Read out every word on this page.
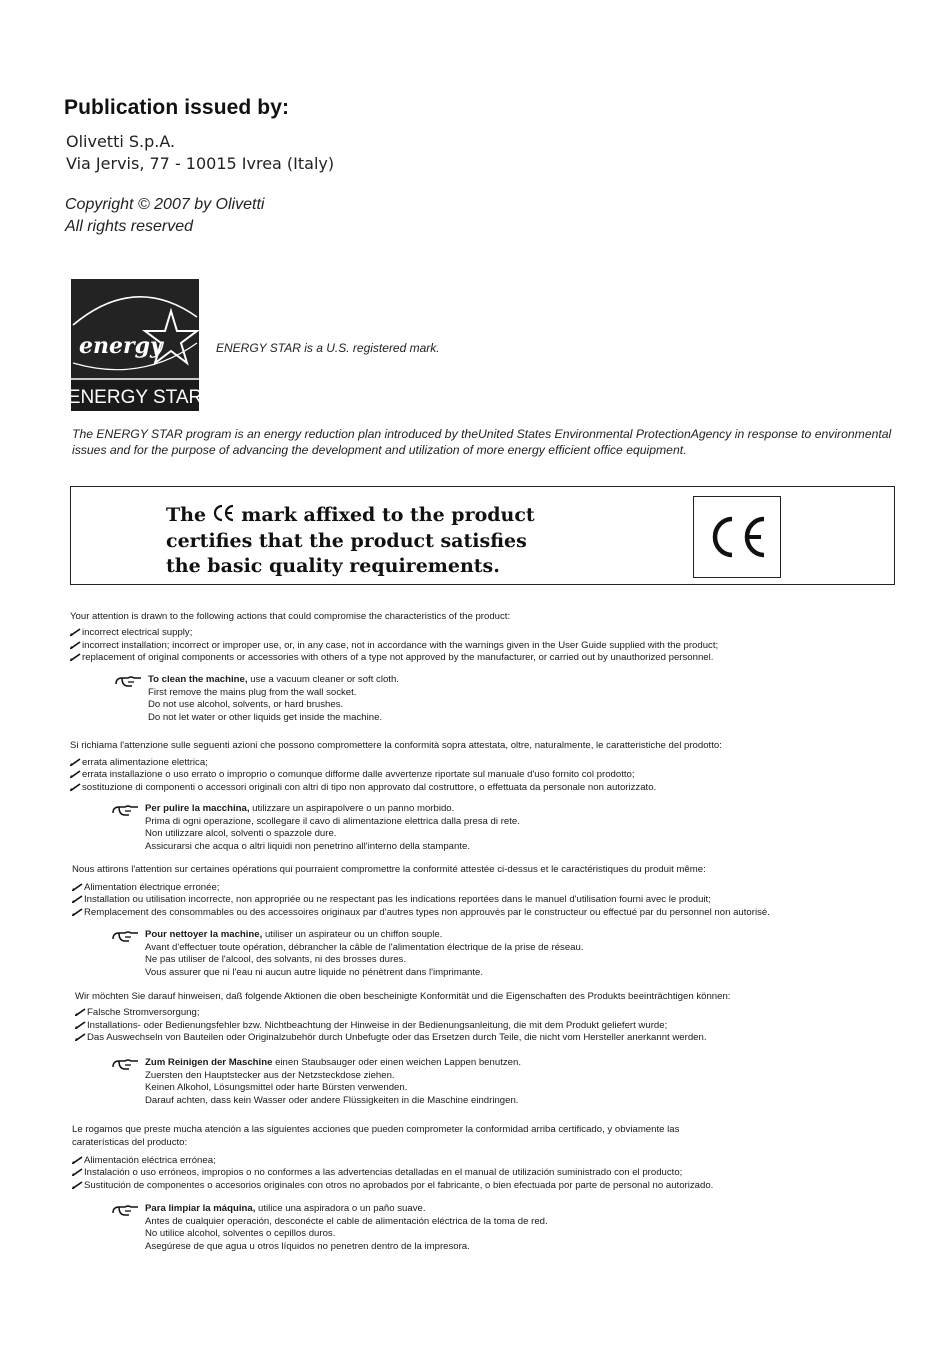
Publication issued by:
Olivetti S.p.A.
Via Jervis, 77 - 10015 Ivrea (Italy)
Copyright © 2007 by Olivetti
All rights reserved
energy
ENERGY STAR
ENERGY STAR is a U.S. registered mark.
The ENERGY STAR program is an energy reduction plan introduced by theUnited States Environmental ProtectionAgency in response to environmental issues and for the purpose of advancing the development and utilization of more energy efficient office equipment.
The mark affixed to the product
certifies that the product satisfies
the basic quality requirements.
Your attention is drawn to the following actions that could compromise the characteristics of the product:
incorrect electrical supply;
incorrect installation; incorrect or improper use, or, in any case, not in accordance with the warnings given in the User Guide supplied with the product;
replacement of original components or accessories with others of a type not approved by the manufacturer, or carried out by unauthorized personnel.
To clean the machine, use a vacuum cleaner or soft cloth.
First remove the mains plug from the wall socket.
Do not use alcohol, solvents, or hard brushes.
Do not let water or other liquids get inside the machine.
Si richiama l'attenzione sulle seguenti azioni che possono compromettere la conformità sopra attestata, oltre, naturalmente, le caratteristiche del prodotto:
errata alimentazione elettrica;
errata installazione o uso errato o improprio o comunque difforme dalle avvertenze riportate sul manuale d'uso fornito col prodotto;
sostituzione di componenti o accessori originali con altri di tipo non approvato dal costruttore, o effettuata da personale non autorizzato.
Per pulire la macchina, utilizzare un aspirapolvere o un panno morbido.
Prima di ogni operazione, scollegare il cavo di alimentazione elettrica dalla presa di rete.
Non utilizzare alcol, solventi o spazzole dure.
Assicurarsi che acqua o altri liquidi non penetrino all'interno della stampante.
Nous attirons l'attention sur certaines opérations qui pourraient compromettre la conformité attestée ci-dessus et le caractéristiques du produit même:
Alimentation électrique erronée;
Installation ou utilisation incorrecte, non appropriée ou ne respectant pas les indications reportées dans le manuel d'utilisation fourni avec le produit;
Remplacement des consommables ou des accessoires originaux par d'autres types non approuvés par le constructeur ou effectué par du personnel non autorisé.
Pour nettoyer la machine, utiliser un aspirateur ou un chiffon souple.
Avant d'effectuer toute opération, débrancher la câble de l'alimentation électrique de la prise de réseau.
Ne pas utiliser de l'alcool, des solvants, ni des brosses dures.
Vous assurer que ni l'eau ni aucun autre liquide no pénètrent dans l'imprimante.
Wir möchten Sie darauf hinweisen, daß folgende Aktionen die oben bescheinigte Konformität und die Eigenschaften des Produkts beeinträchtigen können:
Falsche Stromversorgung;
Installations- oder Bedienungsfehler bzw. Nichtbeachtung der Hinweise in der Bedienungsanleitung, die mit dem Produkt geliefert wurde;
Das Auswechseln von Bauteilen oder Originalzubehör durch Unbefugte oder das Ersetzen durch Teile, die nicht vom Hersteller anerkannt werden.
Zum Reinigen der Maschine einen Staubsauger oder einen weichen Lappen benutzen.
Zuersten den Hauptstecker aus der Netzsteckdose ziehen.
Keinen Alkohol, Lösungsmittel oder harte Bürsten verwenden.
Darauf achten, dass kein Wasser oder andere Flüssigkeiten in die Maschine eindringen.
Le rogamos que preste mucha atención a las siguientes acciones que pueden comprometer la conformidad arriba certificado, y obviamente las
caraterísticas del producto:
Alimentación eléctrica errónea;
Instalación o uso erróneos, impropios o no conformes a las advertencias detalladas en el manual de utilización suministrado con el producto;
Sustitución de componentes o accesorios originales con otros no aprobados por el fabricante, o bien efectuada por parte de personal no autorizado.
Para limpiar la máquina, utilice una aspiradora o un paño suave.
Antes de cualquier operación, desconécte el cable de alimentación eléctrica de la toma de red.
No utilice alcohol, solventes o cepillos duros.
Asegúrese de que agua u otros líquidos no penetren dentro de la impresora.
